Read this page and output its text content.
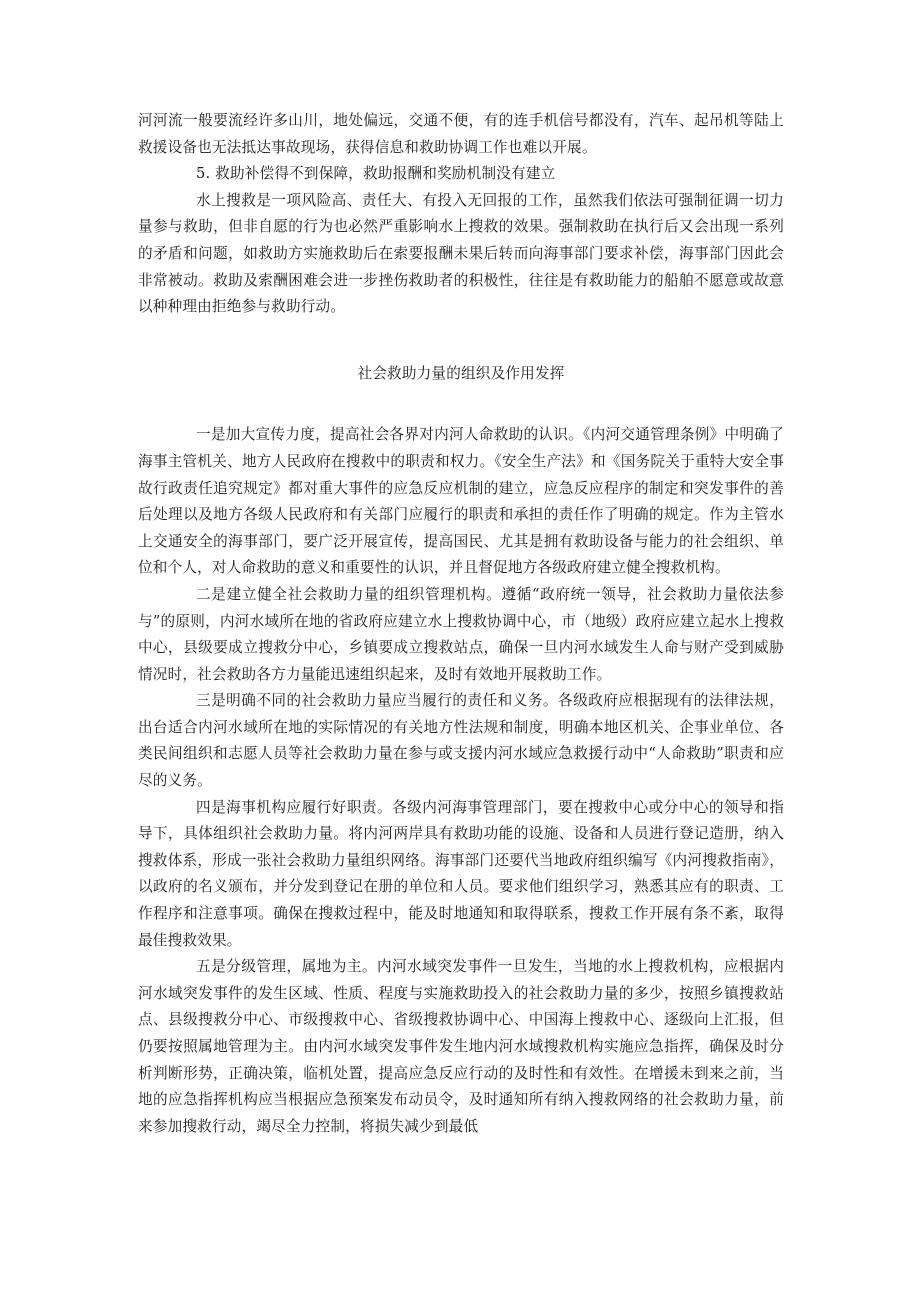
河河流一般要流经许多山川，地处偏远，交通不便，有的连手机信号都没有，汽车、起吊机等陆上救援设备也无法抵达事故现场，获得信息和救助协调工作也难以开展。

5. 救助补偿得不到保障，救助报酬和奖励机制没有建立

水上搜救是一项风险高、责任大、有投入无回报的工作，虽然我们依法可强制征调一切力量参与救助，但非自愿的行为也必然严重影响水上搜救的效果。强制救助在执行后又会出现一系列的矛盾和问题，如救助方实施救助后在索要报酬未果后转而向海事部门要求补偿，海事部门因此会非常被动。救助及索酬困难会进一步挫伤救助者的积极性，往往是有救助能力的船舶不愿意或故意以种种理由拒绝参与救助行动。

社会救助力量的组织及作用发挥

一是加大宣传力度，提高社会各界对内河人命救助的认识。《内河交通管理条例》中明确了海事主管机关、地方人民政府在搜救中的职责和权力。《安全生产法》和《国务院关于重特大安全事故行政责任追究规定》都对重大事件的应急反应机制的建立，应急反应程序的制定和突发事件的善后处理以及地方各级人民政府和有关部门应履行的职责和承担的责任作了明确的规定。作为主管水上交通安全的海事部门，要广泛开展宣传，提高国民、尤其是拥有救助设备与能力的社会组织、单位和个人，对人命救助的意义和重要性的认识，并且督促地方各级政府建立健全搜救机构。

二是建立健全社会救助力量的组织管理机构。遵循“政府统一领导，社会救助力量依法参与”的原则，内河水域所在地的省政府应建立水上搜救协调中心，市（地级）政府应建立起水上搜救中心，县级要成立搜救分中心，乡镇要成立搜救站点，确保一旦内河水域发生人命与财产受到威胁情况时，社会救助各方力量能迅速组织起来，及时有效地开展救助工作。

三是明确不同的社会救助力量应当履行的责任和义务。各级政府应根据现有的法律法规，出台适合内河水域所在地的实际情况的有关地方性法规和制度，明确本地区机关、企事业单位、各类民间组织和志愿人员等社会救助力量在参与或支援内河水域应急救援行动中“人命救助”职责和应尽的义务。

四是海事机构应履行好职责。各级内河海事管理部门，要在搜救中心或分中心的领导和指导下，具体组织社会救助力量。将内河两岸具有救助功能的设施、设备和人员进行登记造册，纳入搜救体系，形成一张社会救助力量组织网络。海事部门还要代当地政府组织编写《内河搜救指南》，以政府的名义颁布，并分发到登记在册的单位和人员。要求他们组织学习，熟悉其应有的职责、工作程序和注意事项。确保在搜救过程中，能及时地通知和取得联系，搜救工作开展有条不紊，取得最佳搜救效果。

五是分级管理，属地为主。内河水域突发事件一旦发生，当地的水上搜救机构，应根据内河水域突发事件的发生区域、性质、程度与实施救助投入的社会救助力量的多少，按照乡镇搜救站点、县级搜救分中心、市级搜救中心、省级搜救协调中心、中国海上搜救中心、逐级向上汇报，但仍要按照属地管理为主。由内河水域突发事件发生地内河水域搜救机构实施应急指挥，确保及时分析判断形势，正确决策，临机处置，提高应急反应行动的及时性和有效性。在增援未到来之前，当地的应急指挥机构应当根据应急预案发布动员令，及时通知所有纳入搜救网络的社会救助力量，前来参加搜救行动，竭尽全力控制，将损失减少到最低
